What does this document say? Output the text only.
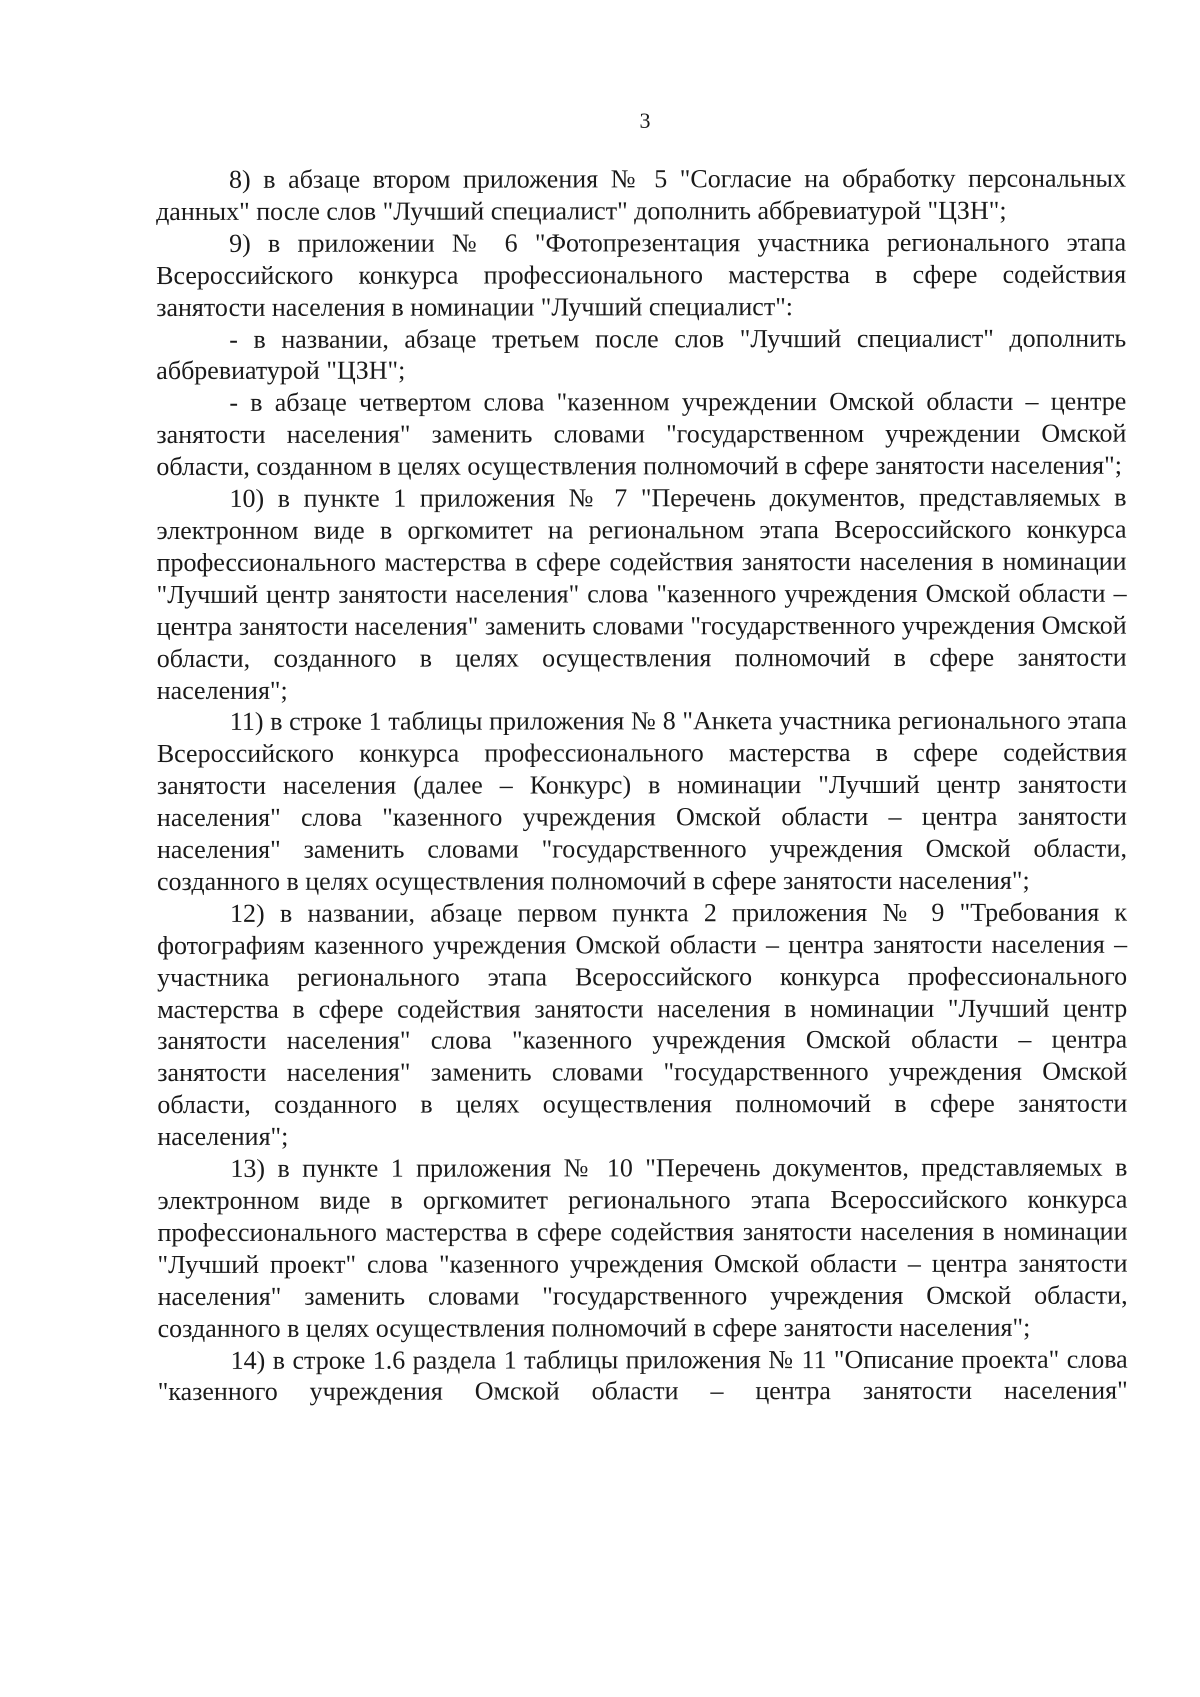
3

8) в абзаце втором приложения № 5 "Согласие на обработку персональных данных" после слов "Лучший специалист" дополнить аббревиатурой "ЦЗН";

9) в приложении № 6 "Фотопрезентация участника регионального этапа Всероссийского конкурса профессионального мастерства в сфере содействия занятости населения в номинации "Лучший специалист":

- в названии, абзаце третьем после слов "Лучший специалист" дополнить аббревиатурой "ЦЗН";

- в абзаце четвертом слова "казенном учреждении Омской области – центре занятости населения" заменить словами "государственном учреждении Омской области, созданном в целях осуществления полномочий в сфере занятости населения";

10) в пункте 1 приложения № 7 "Перечень документов, представляемых в электронном виде в оргкомитет на региональном этапа Всероссийского конкурса профессионального мастерства в сфере содействия занятости населения в номинации "Лучший центр занятости населения" слова "казенного учреждения Омской области – центра занятости населения" заменить словами "государственного учреждения Омской области, созданного в целях осуществления полномочий в сфере занятости населения";

11) в строке 1 таблицы приложения № 8 "Анкета участника регионального этапа Всероссийского конкурса профессионального мастерства в сфере содействия занятости населения (далее – Конкурс) в номинации "Лучший центр занятости населения" слова "казенного учреждения Омской области – центра занятости населения" заменить словами "государственного учреждения Омской области, созданного в целях осуществления полномочий в сфере занятости населения";

12) в названии, абзаце первом пункта 2 приложения № 9 "Требования к фотографиям казенного учреждения Омской области – центра занятости населения – участника регионального этапа Всероссийского конкурса профессионального мастерства в сфере содействия занятости населения в номинации "Лучший центр занятости населения" слова "казенного учреждения Омской области – центра занятости населения" заменить словами "государственного учреждения Омской области, созданного в целях осуществления полномочий в сфере занятости населения";

13) в пункте 1 приложения № 10 "Перечень документов, представляемых в электронном виде в оргкомитет регионального этапа Всероссийского конкурса профессионального мастерства в сфере содействия занятости населения в номинации "Лучший проект" слова "казенного учреждения Омской области – центра занятости населения" заменить словами "государственного учреждения Омской области, созданного в целях осуществления полномочий в сфере занятости населения";

14) в строке 1.6 раздела 1 таблицы приложения № 11 "Описание проекта" слова "казенного учреждения Омской области – центра занятости населения"
